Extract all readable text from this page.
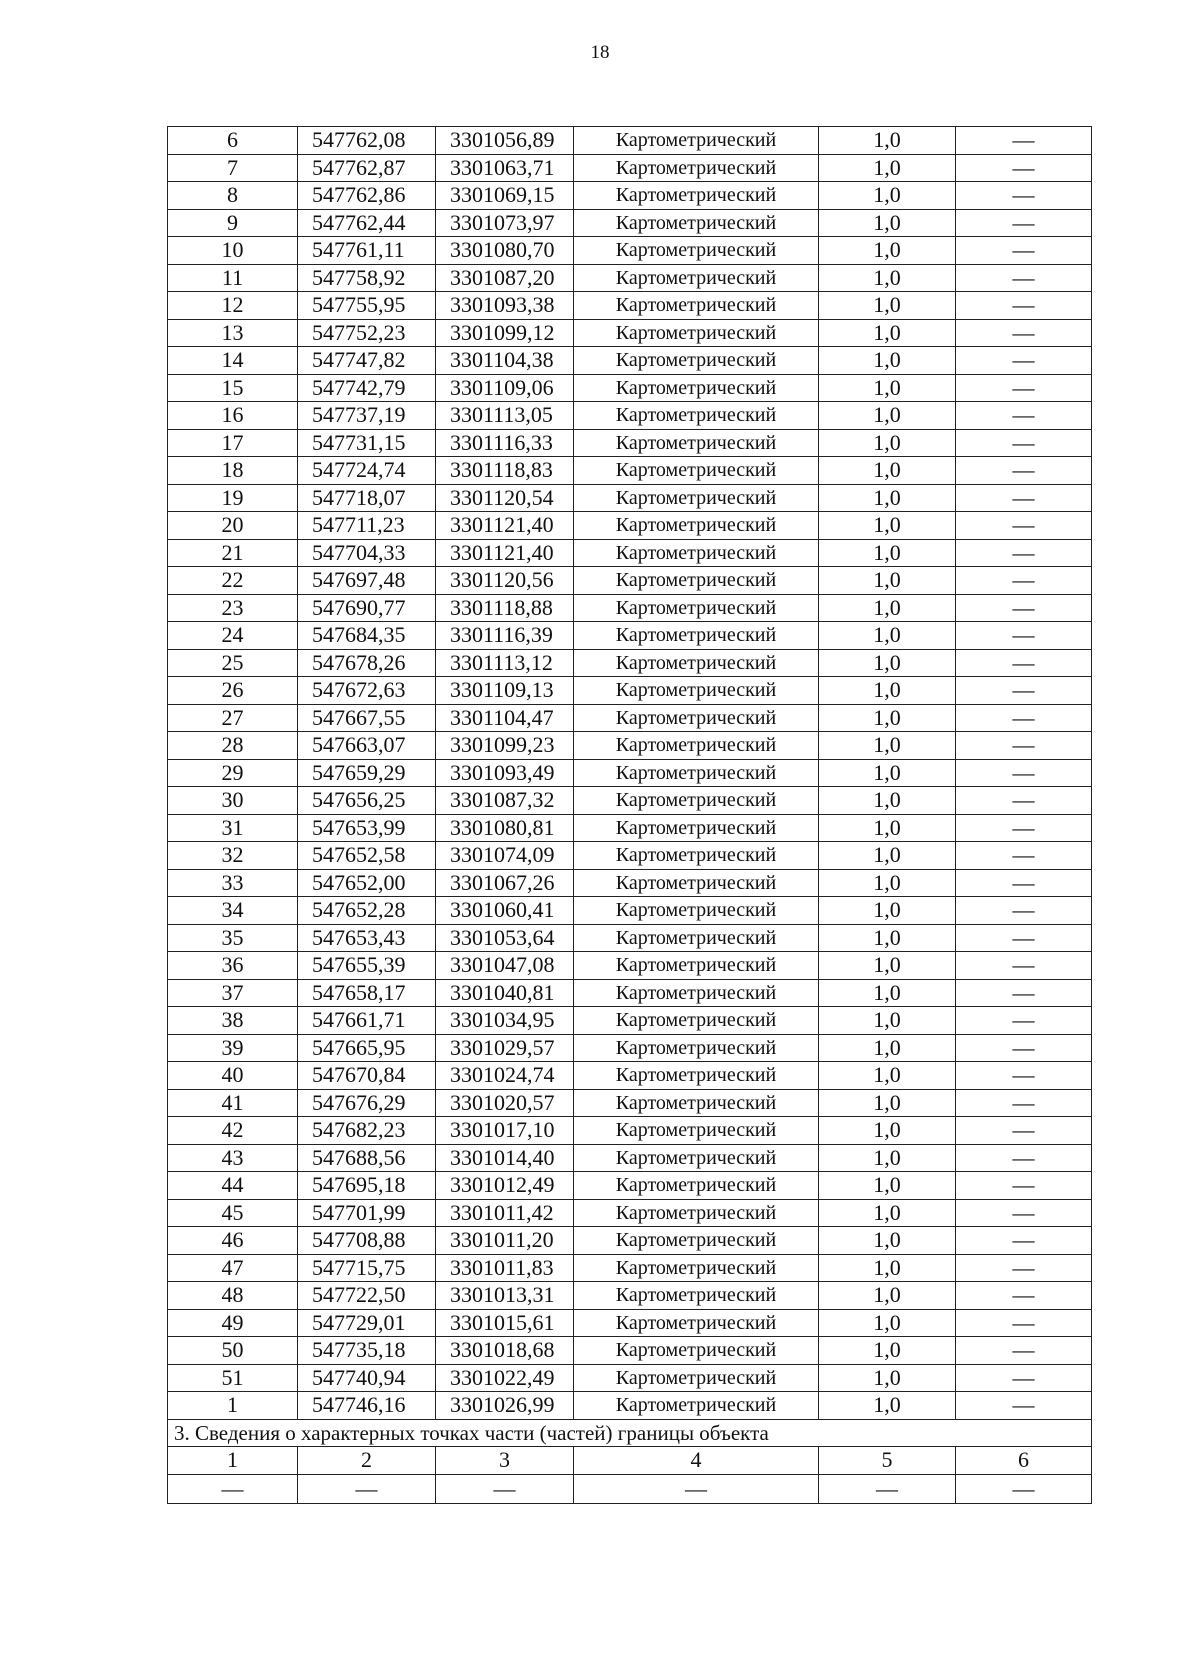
18
6	547762,08	3301056,89	Картометрический	1,0	—
7	547762,87	3301063,71	Картометрический	1,0	—
8	547762,86	3301069,15	Картометрический	1,0	—
9	547762,44	3301073,97	Картометрический	1,0	—
10	547761,11	3301080,70	Картометрический	1,0	—
11	547758,92	3301087,20	Картометрический	1,0	—
12	547755,95	3301093,38	Картометрический	1,0	—
13	547752,23	3301099,12	Картометрический	1,0	—
14	547747,82	3301104,38	Картометрический	1,0	—
15	547742,79	3301109,06	Картометрический	1,0	—
16	547737,19	3301113,05	Картометрический	1,0	—
17	547731,15	3301116,33	Картометрический	1,0	—
18	547724,74	3301118,83	Картометрический	1,0	—
19	547718,07	3301120,54	Картометрический	1,0	—
20	547711,23	3301121,40	Картометрический	1,0	—
21	547704,33	3301121,40	Картометрический	1,0	—
22	547697,48	3301120,56	Картометрический	1,0	—
23	547690,77	3301118,88	Картометрический	1,0	—
24	547684,35	3301116,39	Картометрический	1,0	—
25	547678,26	3301113,12	Картометрический	1,0	—
26	547672,63	3301109,13	Картометрический	1,0	—
27	547667,55	3301104,47	Картометрический	1,0	—
28	547663,07	3301099,23	Картометрический	1,0	—
29	547659,29	3301093,49	Картометрический	1,0	—
30	547656,25	3301087,32	Картометрический	1,0	—
31	547653,99	3301080,81	Картометрический	1,0	—
32	547652,58	3301074,09	Картометрический	1,0	—
33	547652,00	3301067,26	Картометрический	1,0	—
34	547652,28	3301060,41	Картометрический	1,0	—
35	547653,43	3301053,64	Картометрический	1,0	—
36	547655,39	3301047,08	Картометрический	1,0	—
37	547658,17	3301040,81	Картометрический	1,0	—
38	547661,71	3301034,95	Картометрический	1,0	—
39	547665,95	3301029,57	Картометрический	1,0	—
40	547670,84	3301024,74	Картометрический	1,0	—
41	547676,29	3301020,57	Картометрический	1,0	—
42	547682,23	3301017,10	Картометрический	1,0	—
43	547688,56	3301014,40	Картометрический	1,0	—
44	547695,18	3301012,49	Картометрический	1,0	—
45	547701,99	3301011,42	Картометрический	1,0	—
46	547708,88	3301011,20	Картометрический	1,0	—
47	547715,75	3301011,83	Картометрический	1,0	—
48	547722,50	3301013,31	Картометрический	1,0	—
49	547729,01	3301015,61	Картометрический	1,0	—
50	547735,18	3301018,68	Картометрический	1,0	—
51	547740,94	3301022,49	Картометрический	1,0	—
1	547746,16	3301026,99	Картометрический	1,0	—
3. Сведения о характерных точках части (частей) границы объекта					
1	2	3	4	5	6
—	—	—	—	—	—
